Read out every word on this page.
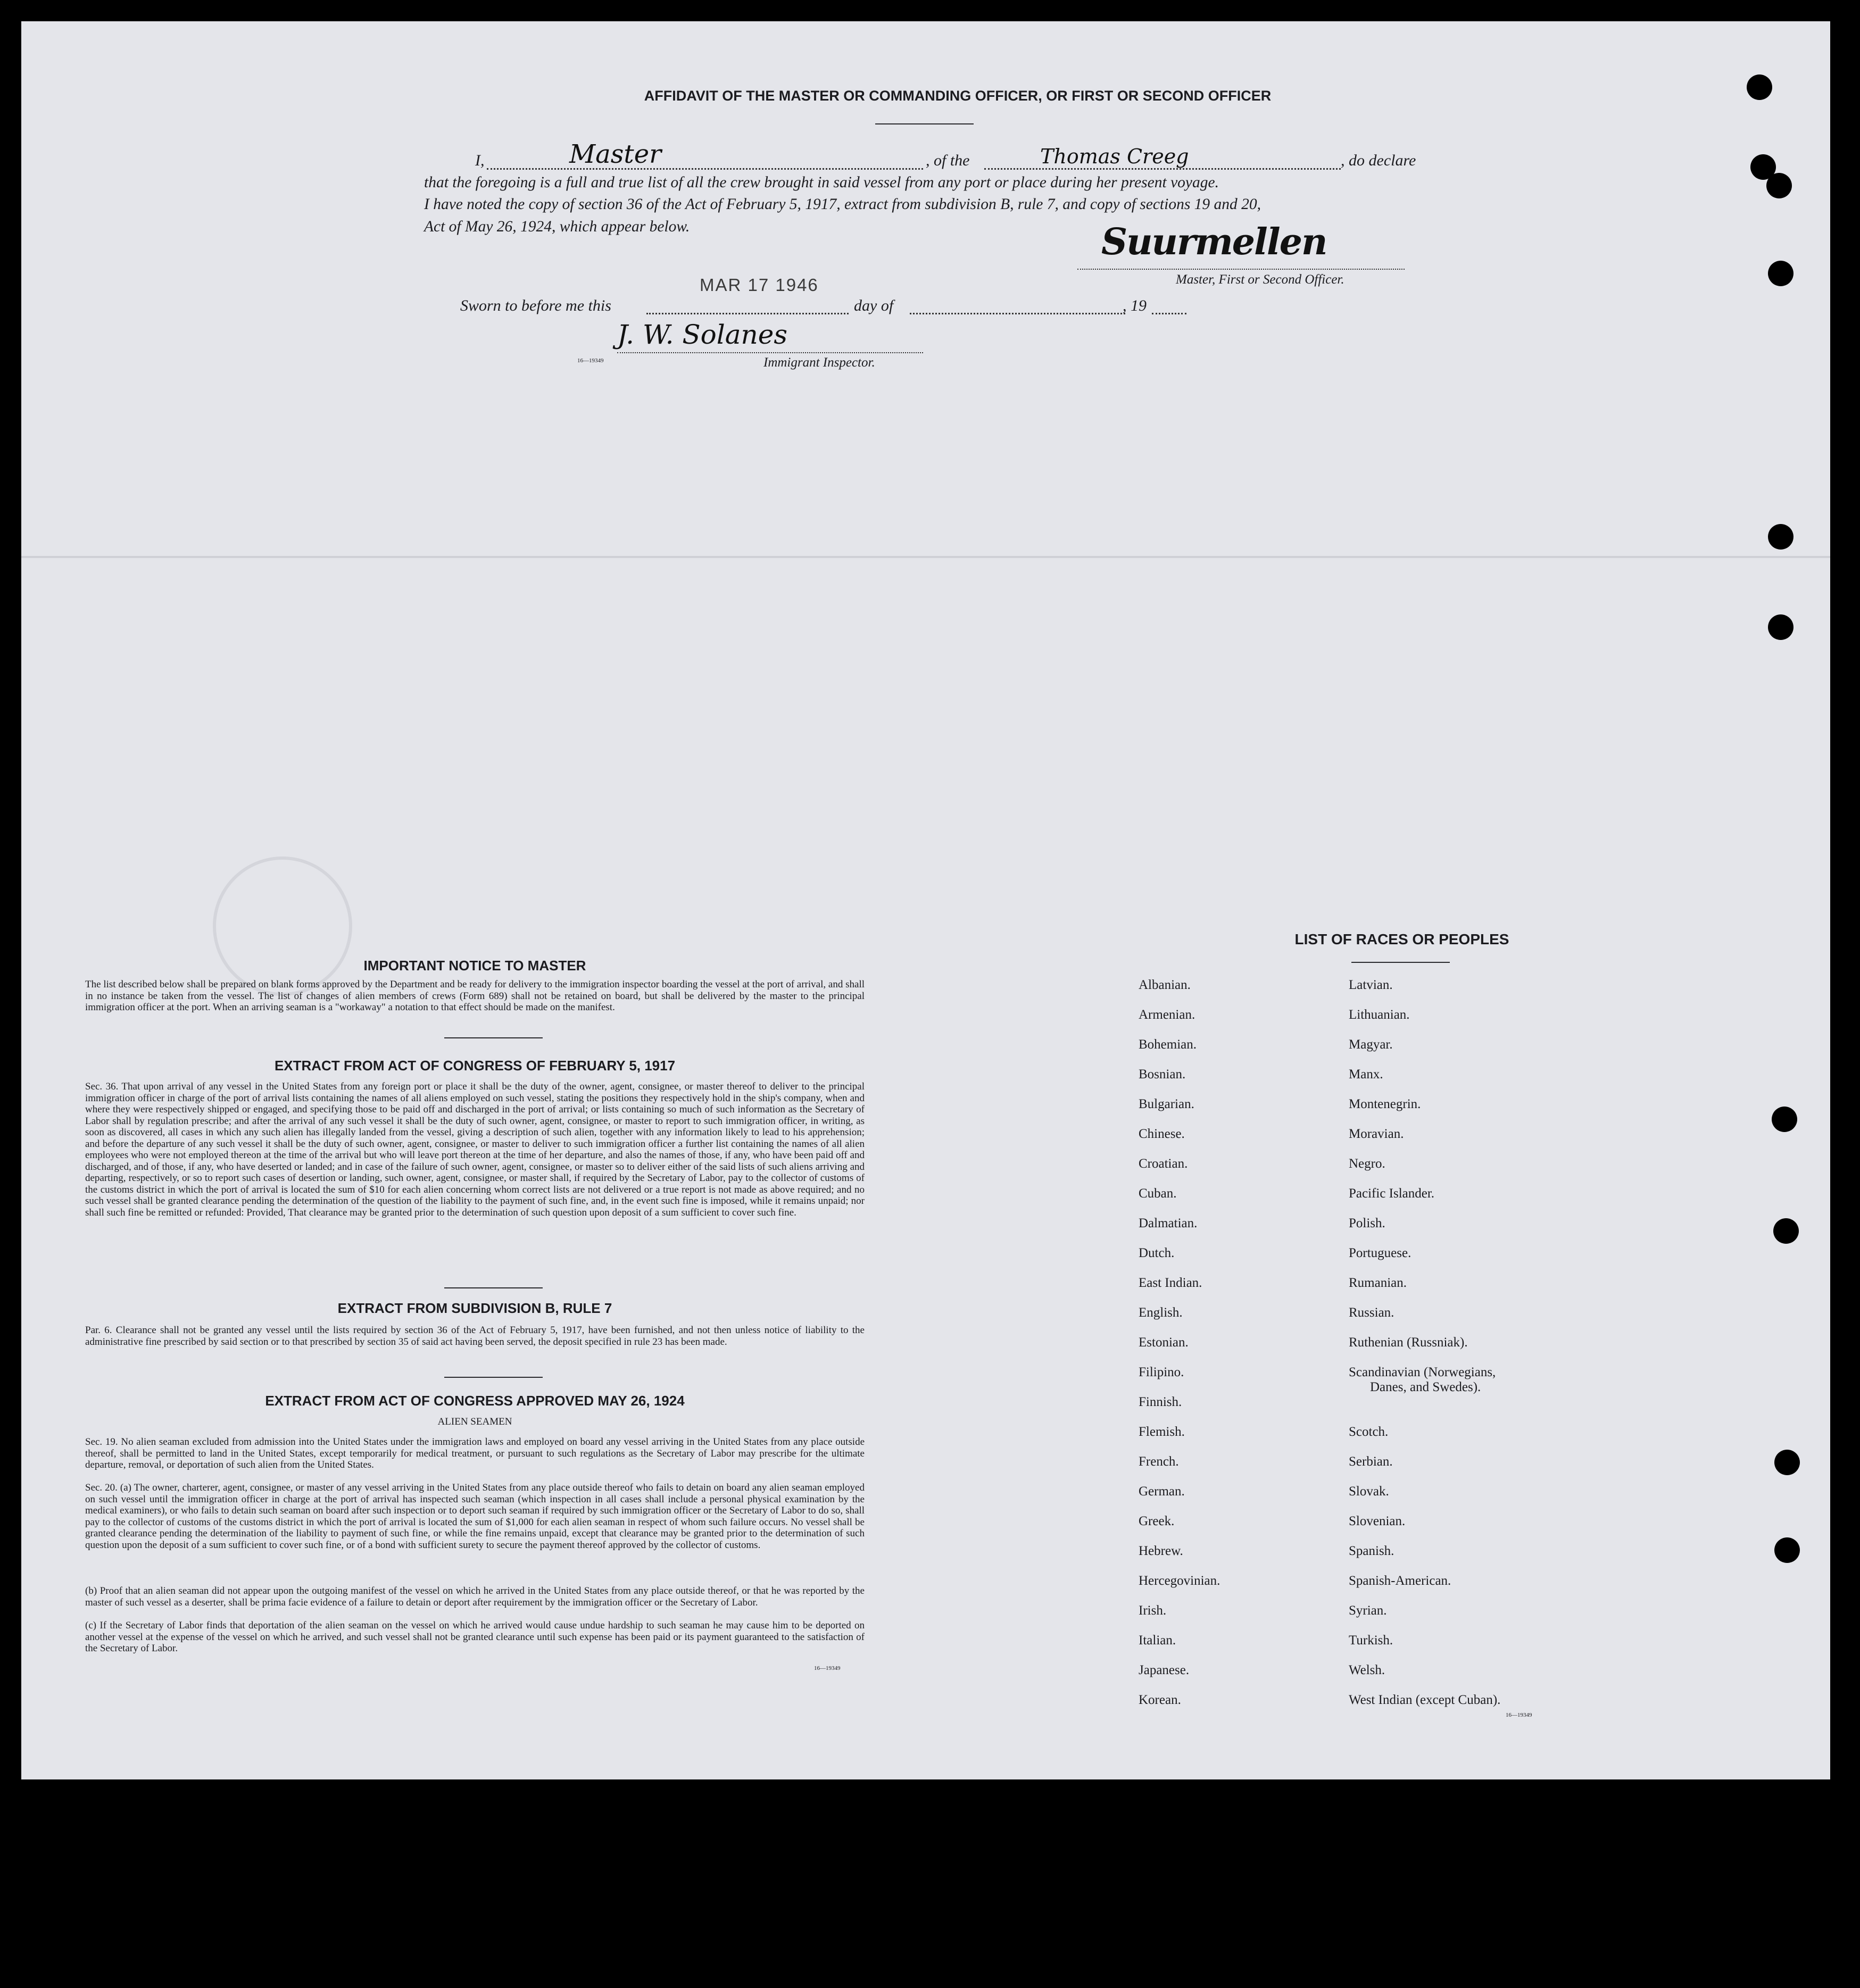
AFFIDAVIT OF THE MASTER OR COMMANDING OFFICER, OR FIRST OR SECOND OFFICER
I,	Master	, of the	Thomas Creeg	, do declare
that the foregoing is a full and true list of all the crew brought in said vessel from any port or place during her present voyage.
I have noted the copy of section 36 of the Act of February 5, 1917, extract from subdivision B, rule 7, and copy of sections 19 and 20,
Act of May 26, 1924, which appear below.	Suurmellen
Master, First or Second Officer.
MAR 17 1946
Sworn to before me this	day of	, 19
J. W. Solanes
16—19349	Immigrant Inspector.
IMPORTANT NOTICE TO MASTER
The list described below shall be prepared on blank forms approved by the Department and be ready for delivery to the immigration inspector boarding the vessel at the port of arrival, and shall in no instance be taken from the vessel. The list of changes of alien members of crews (Form 689) shall not be retained on board, but shall be delivered by the master to the principal immigration officer at the port. When an arriving seaman is a "workaway" a notation to that effect should be made on the manifest.
EXTRACT FROM ACT OF CONGRESS OF FEBRUARY 5, 1917
Sec. 36. That upon arrival of any vessel in the United States from any foreign port or place it shall be the duty of the owner, agent, consignee, or master thereof to deliver to the principal immigration officer in charge of the port of arrival lists containing the names of all aliens employed on such vessel, stating the positions they respectively hold in the ship's company, when and where they were respectively shipped or engaged, and specifying those to be paid off and discharged in the port of arrival; or lists containing so much of such information as the Secretary of Labor shall by regulation prescribe; and after the arrival of any such vessel it shall be the duty of such owner, agent, consignee, or master to report to such immigration officer, in writing, as soon as discovered, all cases in which any such alien has illegally landed from the vessel, giving a description of such alien, together with any information likely to lead to his apprehension; and before the departure of any such vessel it shall be the duty of such owner, agent, consignee, or master to deliver to such immigration officer a further list containing the names of all alien employees who were not employed thereon at the time of the arrival but who will leave port thereon at the time of her departure, and also the names of those, if any, who have been paid off and discharged, and of those, if any, who have deserted or landed; and in case of the failure of such owner, agent, consignee, or master so to deliver either of the said lists of such aliens arriving and departing, respectively, or so to report such cases of desertion or landing, such owner, agent, consignee, or master shall, if required by the Secretary of Labor, pay to the collector of customs of the customs district in which the port of arrival is located the sum of $10 for each alien concerning whom correct lists are not delivered or a true report is not made as above required; and no such vessel shall be granted clearance pending the determination of the question of the liability to the payment of such fine, and, in the event such fine is imposed, while it remains unpaid; nor shall such fine be remitted or refunded: Provided, That clearance may be granted prior to the determination of such question upon deposit of a sum sufficient to cover such fine.
EXTRACT FROM SUBDIVISION B, RULE 7
Par. 6. Clearance shall not be granted any vessel until the lists required by section 36 of the Act of February 5, 1917, have been furnished, and not then unless notice of liability to the administrative fine prescribed by said section or to that prescribed by section 35 of said act having been served, the deposit specified in rule 23 has been made.
EXTRACT FROM ACT OF CONGRESS APPROVED MAY 26, 1924
ALIEN SEAMEN
Sec. 19. No alien seaman excluded from admission into the United States under the immigration laws and employed on board any vessel arriving in the United States from any place outside thereof, shall be permitted to land in the United States, except temporarily for medical treatment, or pursuant to such regulations as the Secretary of Labor may prescribe for the ultimate departure, removal, or deportation of such alien from the United States.
Sec. 20. (a) The owner, charterer, agent, consignee, or master of any vessel arriving in the United States from any place outside thereof who fails to detain on board any alien seaman employed on such vessel until the immigration officer in charge at the port of arrival has inspected such seaman (which inspection in all cases shall include a personal physical examination by the medical examiners), or who fails to detain such seaman on board after such inspection or to deport such seaman if required by such immigration officer or the Secretary of Labor to do so, shall pay to the collector of customs of the customs district in which the port of arrival is located the sum of $1,000 for each alien seaman in respect of whom such failure occurs. No vessel shall be granted clearance pending the determination of the liability to payment of such fine, or while the fine remains unpaid, except that clearance may be granted prior to the determination of such question upon the deposit of a sum sufficient to cover such fine, or of a bond with sufficient surety to secure the payment thereof approved by the collector of customs.
(b) Proof that an alien seaman did not appear upon the outgoing manifest of the vessel on which he arrived in the United States from any place outside thereof, or that he was reported by the master of such vessel as a deserter, shall be prima facie evidence of a failure to detain or deport after requirement by the immigration officer or the Secretary of Labor.
(c) If the Secretary of Labor finds that deportation of the alien seaman on the vessel on which he arrived would cause undue hardship to such seaman he may cause him to be deported on another vessel at the expense of the vessel on which he arrived, and such vessel shall not be granted clearance until such expense has been paid or its payment guaranteed to the satisfaction of the Secretary of Labor.
16—19349
LIST OF RACES OR PEOPLES
Albanian.
Armenian.
Bohemian.
Bosnian.
Bulgarian.
Chinese.
Croatian.
Cuban.
Dalmatian.
Dutch.
East Indian.
English.
Estonian.
Filipino.
Finnish.
Flemish.
French.
German.
Greek.
Hebrew.
Hercegovinian.
Irish.
Italian.
Japanese.
Korean.
Latvian.
Lithuanian.
Magyar.
Manx.
Montenegrin.
Moravian.
Negro.
Pacific Islander.
Polish.
Portuguese.
Rumanian.
Russian.
Ruthenian (Russniak).
Scandinavian (Norwegians,
Danes, and Swedes).
Scotch.
Serbian.
Slovak.
Slovenian.
Spanish.
Spanish-American.
Syrian.
Turkish.
Welsh.
West Indian (except Cuban).
16—19349
